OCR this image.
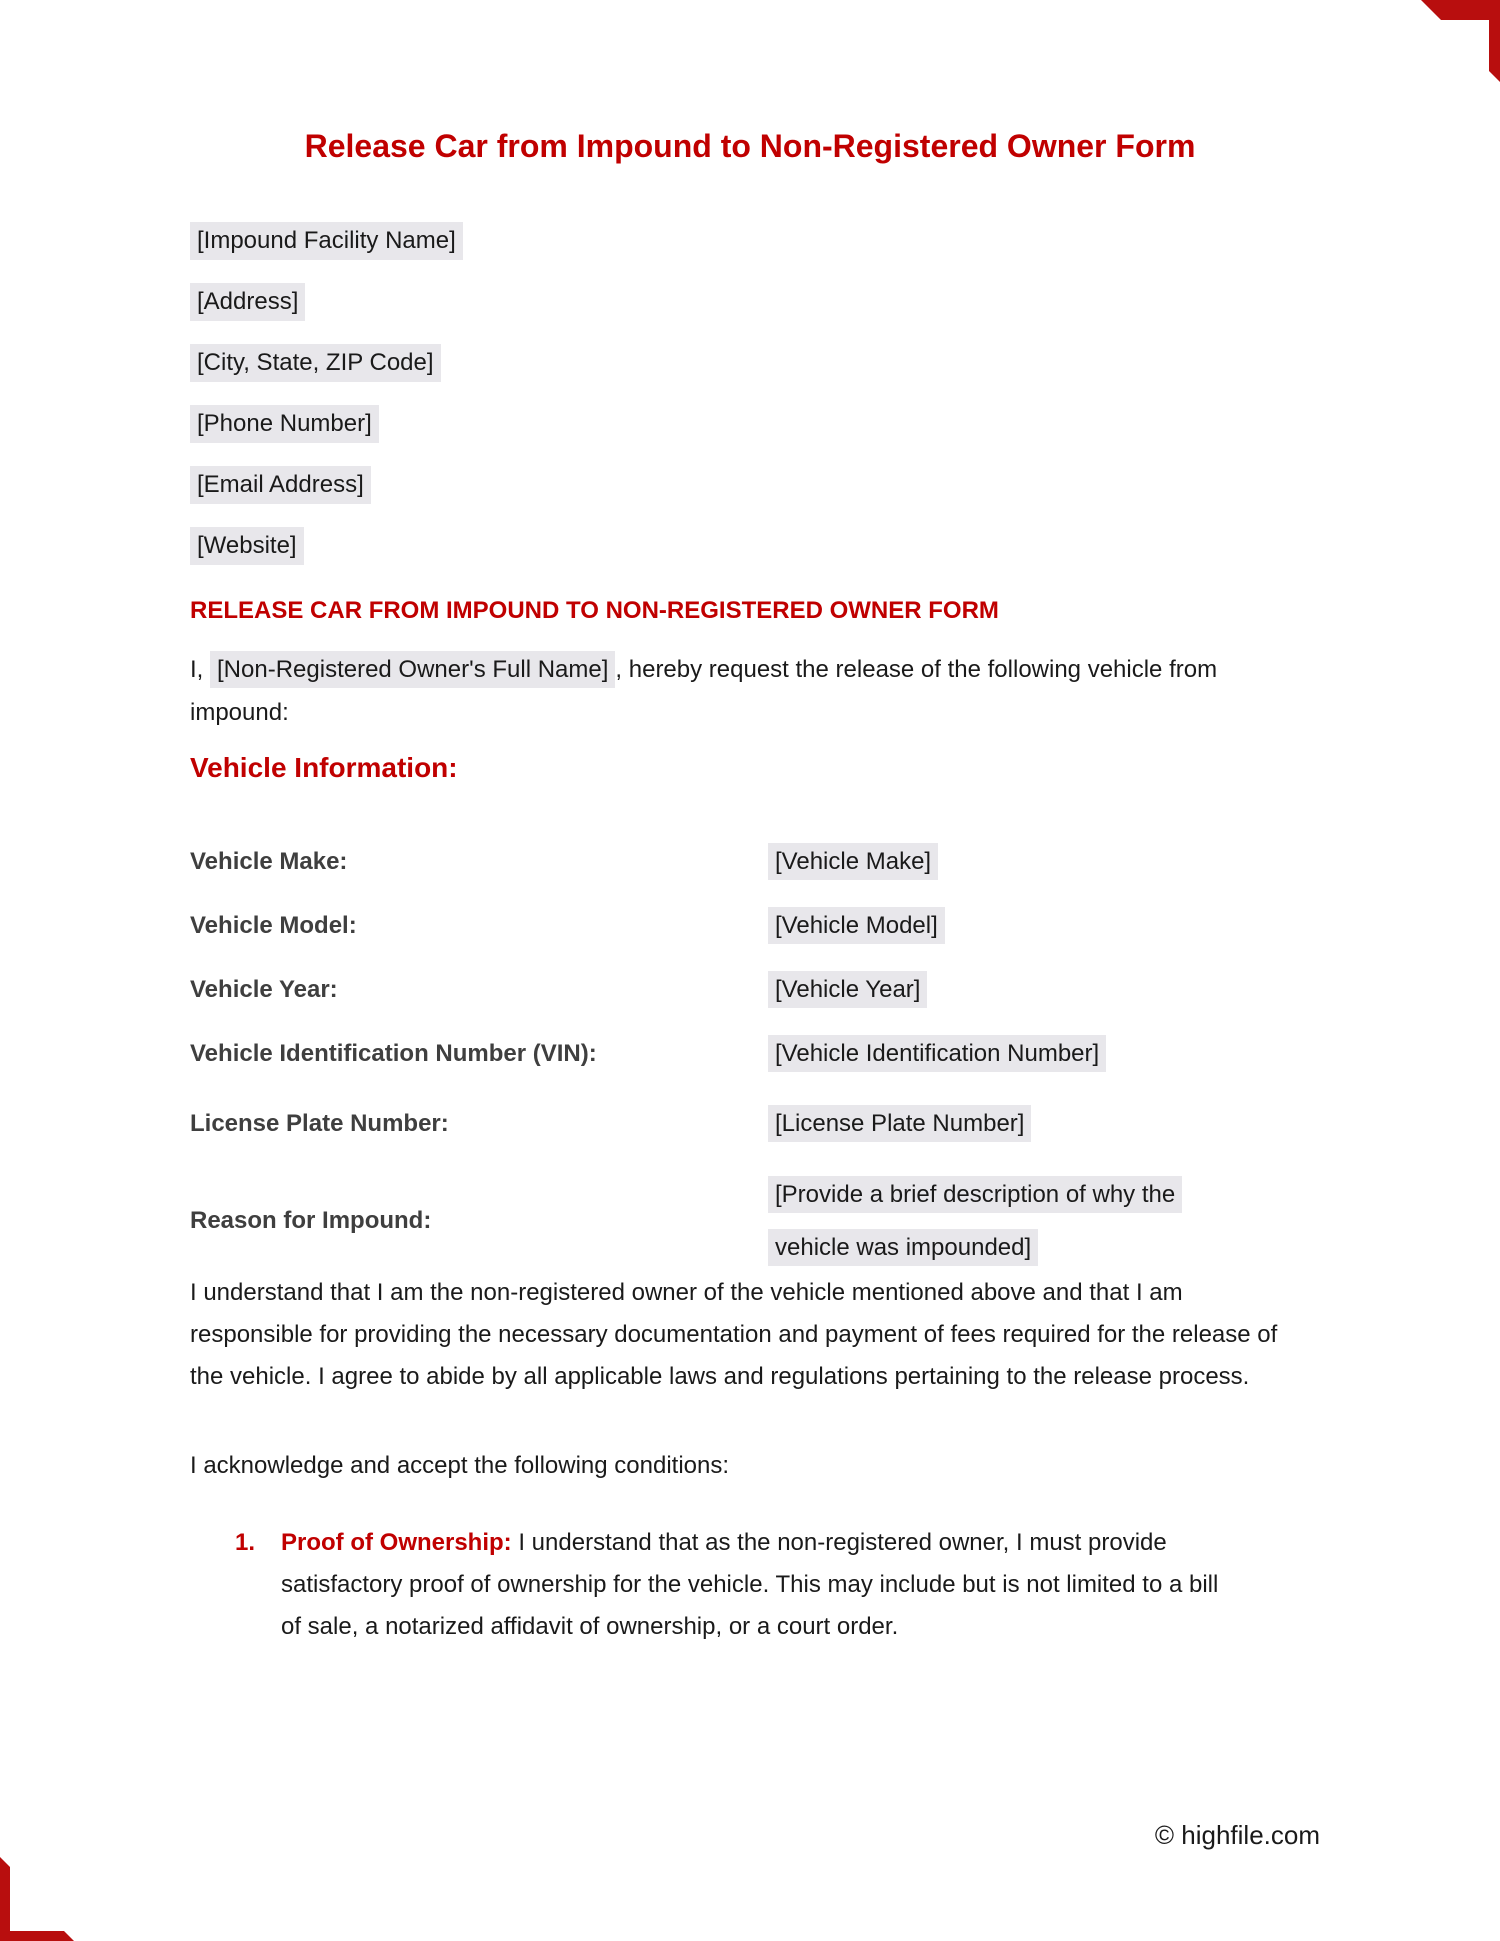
Release Car from Impound to Non-Registered Owner Form
[Impound Facility Name]
[Address]
[City, State, ZIP Code]
[Phone Number]
[Email Address]
[Website]
RELEASE CAR FROM IMPOUND TO NON-REGISTERED OWNER FORM
I, [Non-Registered Owner's Full Name] , hereby request the release of the following vehicle from impound:
Vehicle Information:
Vehicle Make:	[Vehicle Make]
Vehicle Model:	[Vehicle Model]
Vehicle Year:	[Vehicle Year]
Vehicle Identification Number (VIN):	[Vehicle Identification Number]
License Plate Number:	[License Plate Number]
Reason for Impound:
[Provide a brief description of why the vehicle was impounded]
I understand that I am the non-registered owner of the vehicle mentioned above and that I am responsible for providing the necessary documentation and payment of fees required for the release of the vehicle. I agree to abide by all applicable laws and regulations pertaining to the release process.
I acknowledge and accept the following conditions:
1. Proof of Ownership: I understand that as the non-registered owner, I must provide satisfactory proof of ownership for the vehicle. This may include but is not limited to a bill of sale, a notarized affidavit of ownership, or a court order.
© highfile.com
